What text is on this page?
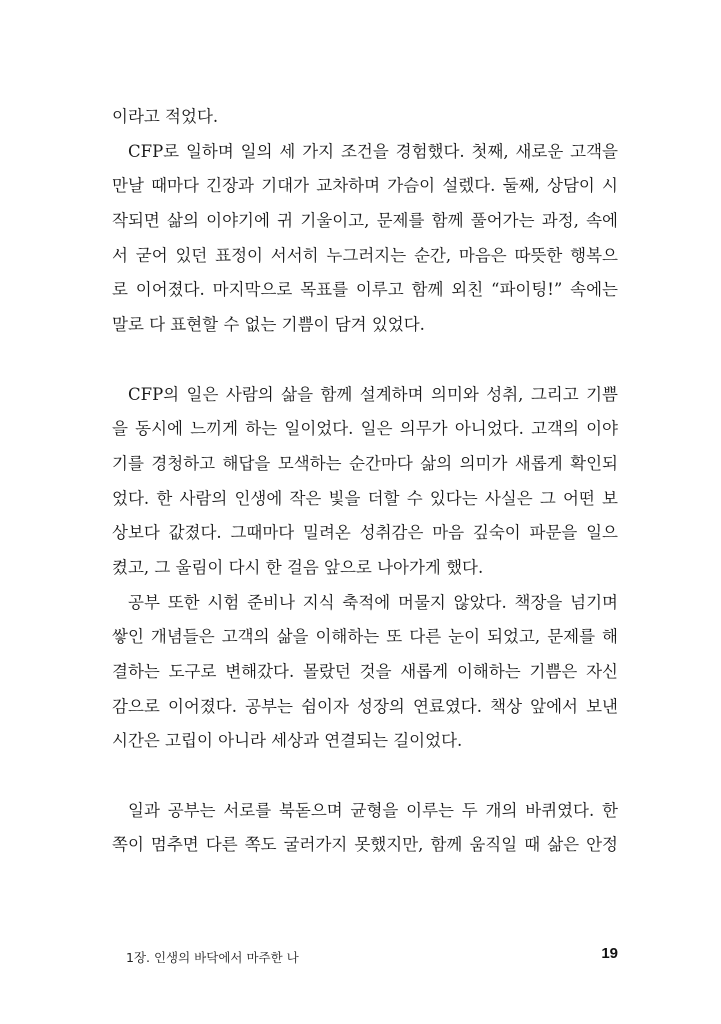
이라고 적었다.
CFP로 일하며 일의 세 가지 조건을 경험했다. 첫째, 새로운 고객을
만날 때마다 긴장과 기대가 교차하며 가슴이 설렜다. 둘째, 상담이 시
작되면 삶의 이야기에 귀 기울이고, 문제를 함께 풀어가는 과정, 속에
서 굳어 있던 표정이 서서히 누그러지는 순간, 마음은 따뜻한 행복으
로 이어졌다. 마지막으로 목표를 이루고 함께 외친 “파이팅!” 속에는
말로 다 표현할 수 없는 기쁨이 담겨 있었다.
CFP의 일은 사람의 삶을 함께 설계하며 의미와 성취, 그리고 기쁨
을 동시에 느끼게 하는 일이었다. 일은 의무가 아니었다. 고객의 이야
기를 경청하고 해답을 모색하는 순간마다 삶의 의미가 새롭게 확인되
었다. 한 사람의 인생에 작은 빛을 더할 수 있다는 사실은 그 어떤 보
상보다 값졌다. 그때마다 밀려온 성취감은 마음 깊숙이 파문을 일으
켰고, 그 울림이 다시 한 걸음 앞으로 나아가게 했다.
공부 또한 시험 준비나 지식 축적에 머물지 않았다. 책장을 넘기며
쌓인 개념들은 고객의 삶을 이해하는 또 다른 눈이 되었고, 문제를 해
결하는 도구로 변해갔다. 몰랐던 것을 새롭게 이해하는 기쁨은 자신
감으로 이어졌다. 공부는 쉼이자 성장의 연료였다. 책상 앞에서 보낸
시간은 고립이 아니라 세상과 연결되는 길이었다.
일과 공부는 서로를 북돋으며 균형을 이루는 두 개의 바퀴였다. 한
쪽이 멈추면 다른 쪽도 굴러가지 못했지만, 함께 움직일 때 삶은 안정
1장. 인생의 바닥에서 마주한 나	19
